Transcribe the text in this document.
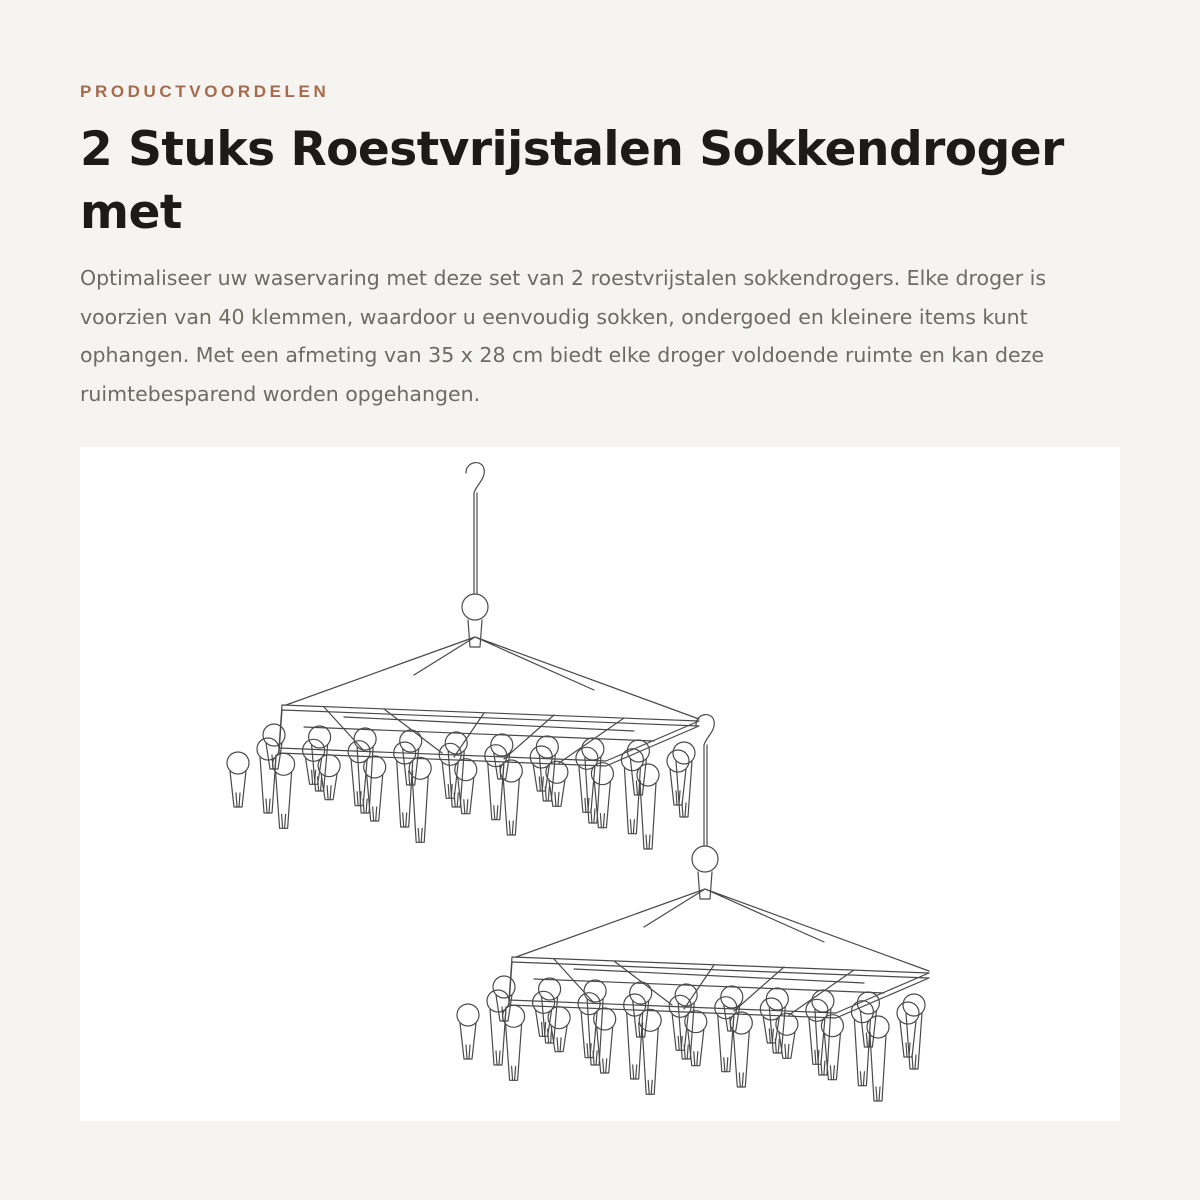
PRODUCTVOORDELEN
2 Stuks Roestvrijstalen Sokkendroger met

Optimaliseer uw waservaring met deze set van 2 roestvrijstalen sokkendrogers. Elke droger is voorzien van 40 klemmen, waardoor u eenvoudig sokken, ondergoed en kleinere items kunt ophangen. Met een afmeting van 35 x 28 cm biedt elke droger voldoende ruimte en kan deze ruimtebesparend worden opgehangen.
